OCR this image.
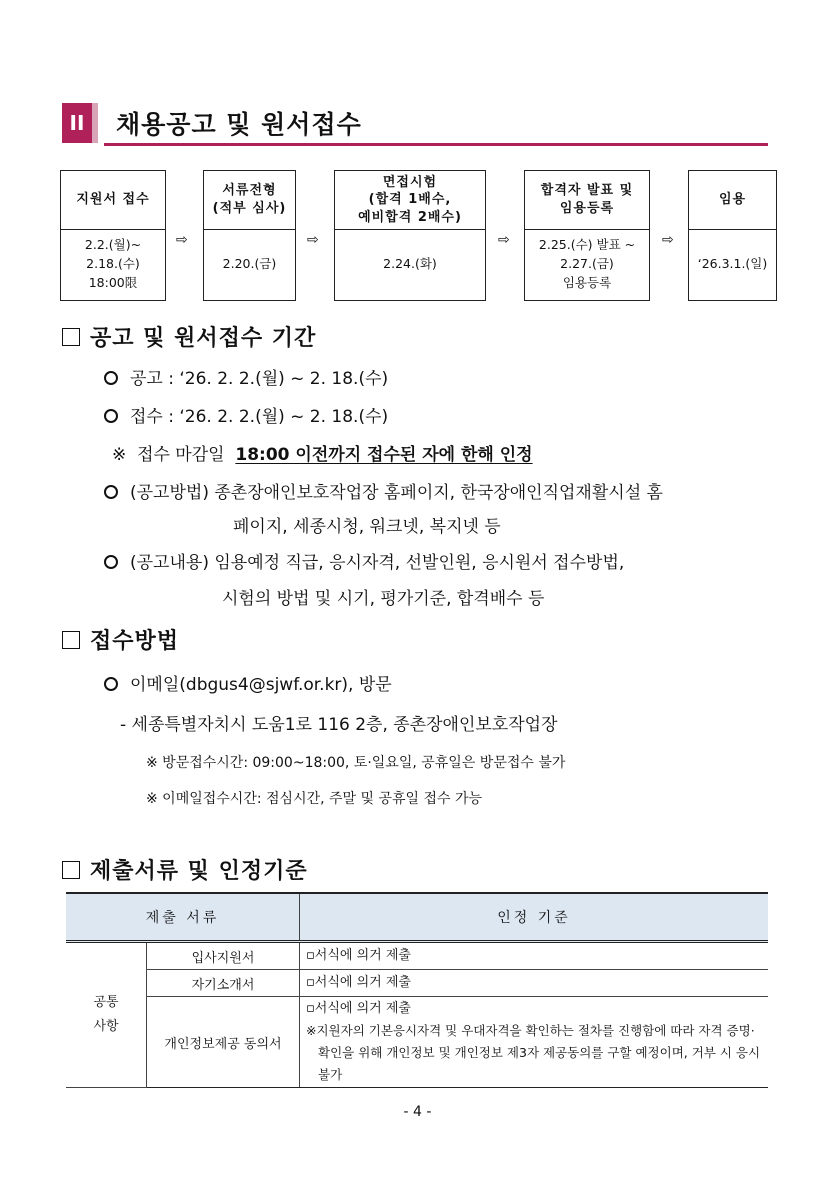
II	채용공고 및 원서접수
지원서 접수
2.2.(월)~
2.18.(수)
18:00限
⇨
서류전형
(적부 심사)
2.20.(금)
⇨
면접시험
(합격 1배수,
예비합격 2배수)
2.24.(화)
⇨
합격자 발표 및
임용등록
2.25.(수) 발표 ~
2.27.(금)
임용등록
⇨
임용
‘26.3.1.(일)
공고 및 원서접수 기간
공고 : ‘26. 2. 2.(월) ~ 2. 18.(수)
접수 : ‘26. 2. 2.(월) ~ 2. 18.(수)
※ 접수 마감일 18:00 이전까지 접수된 자에 한해 인정
(공고방법) 종촌장애인보호작업장 홈페이지, 한국장애인직업재활시설 홈
페이지, 세종시청, 워크넷, 복지넷 등
(공고내용) 임용예정 직급, 응시자격, 선발인원, 응시원서 접수방법,
시험의 방법 및 시기, 평가기준, 합격배수 등
접수방법
이메일(dbgus4@sjwf.or.kr), 방문
- 세종특별자치시 도움1로 116 2층, 종촌장애인보호작업장
※ 방문접수시간: 09:00~18:00, 토·일요일, 공휴일은 방문접수 불가
※ 이메일접수시간: 점심시간, 주말 및 공휴일 접수 가능
제출서류 및 인정기준
제출 서류		인정 기준
공통
사항	입사지원서	▫서식에 의거 제출
	자기소개서	▫서식에 의거 제출
	개인정보제공 동의서	▫서식에 의거 제출
※지원자의 기본응시자격 및 우대자격을 확인하는 절차를 진행함에 따라 자격 증명·확인을 위해 개인정보 및 개인정보 제3자 제공동의를 구할 예정이며, 거부 시 응시 불가
- 4 -
